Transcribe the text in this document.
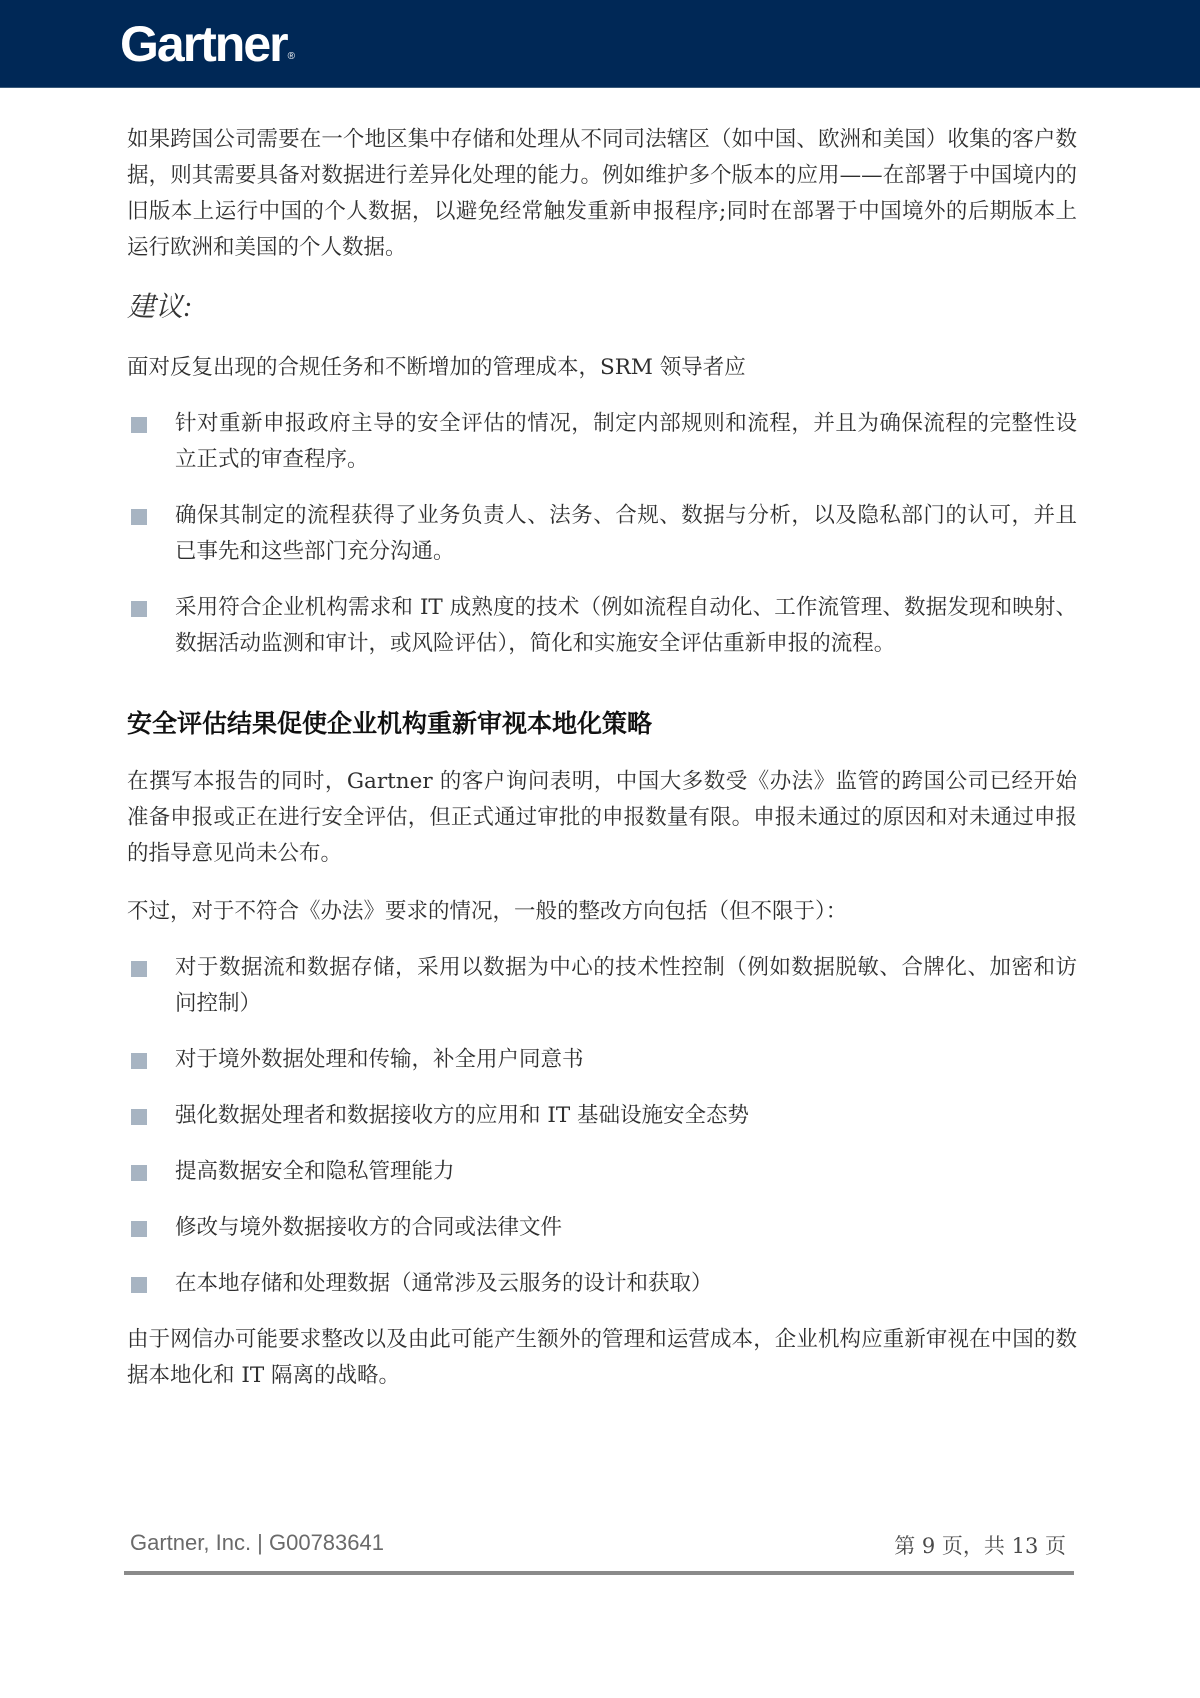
Gartner®

如果跨国公司需要在一个地区集中存储和处理从不同司法辖区（如中国、欧洲和美国）收集的客户数据，则其需要具备对数据进行差异化处理的能力。例如维护多个版本的应用——在部署于中国境内的旧版本上运行中国的个人数据，以避免经常触发重新申报程序;同时在部署于中国境外的后期版本上运行欧洲和美国的个人数据。

建议:

面对反复出现的合规任务和不断增加的管理成本，SRM 领导者应

针对重新申报政府主导的安全评估的情况，制定内部规则和流程，并且为确保流程的完整性设立正式的审查程序。
确保其制定的流程获得了业务负责人、法务、合规、数据与分析，以及隐私部门的认可，并且已事先和这些部门充分沟通。
采用符合企业机构需求和 IT 成熟度的技术（例如流程自动化、工作流管理、数据发现和映射、数据活动监测和审计，或风险评估），简化和实施安全评估重新申报的流程。
安全评估结果促使企业机构重新审视本地化策略

在撰写本报告的同时，Gartner 的客户询问表明，中国大多数受《办法》监管的跨国公司已经开始准备申报或正在进行安全评估，但正式通过审批的申报数量有限。申报未通过的原因和对未通过申报的指导意见尚未公布。

不过，对于不符合《办法》要求的情况，一般的整改方向包括（但不限于）：

对于数据流和数据存储，采用以数据为中心的技术性控制（例如数据脱敏、合牌化、加密和访问控制）
对于境外数据处理和传输，补全用户同意书
强化数据处理者和数据接收方的应用和 IT 基础设施安全态势
提高数据安全和隐私管理能力
修改与境外数据接收方的合同或法律文件
在本地存储和处理数据（通常涉及云服务的设计和获取）

由于网信办可能要求整改以及由此可能产生额外的管理和运营成本，企业机构应重新审视在中国的数据本地化和 IT 隔离的战略。

Gartner, Inc. | G00783641	第 9 页，共 13 页
